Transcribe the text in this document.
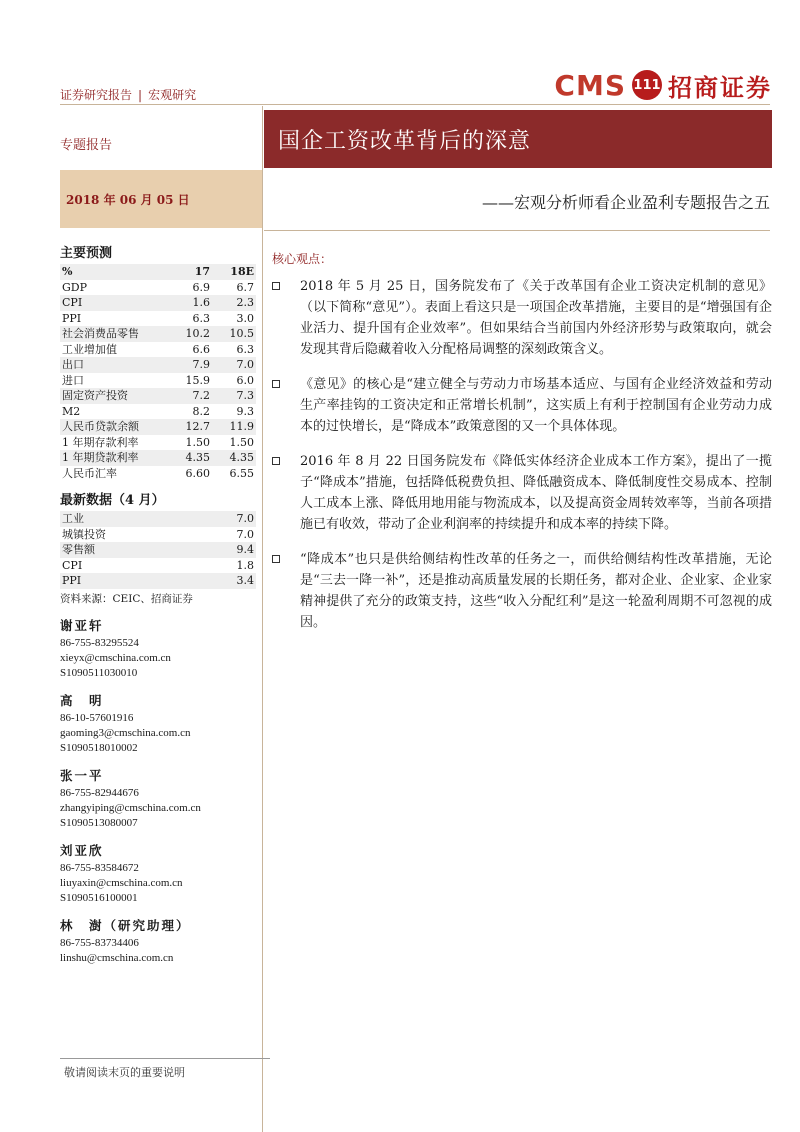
证券研究报告 | 宏观研究	CMS 111 招商证券
专题报告	国企工资改革背后的深意
2018 年 06 月 05 日	——宏观分析师看企业盈利专题报告之五
主要预测
%	17	18E
GDP	6.9	6.7
CPI	1.6	2.3
PPI	6.3	3.0
社会消费品零售	10.2	10.5
工业增加值	6.6	6.3
出口	7.9	7.0
进口	15.9	6.0
固定资产投资	7.2	7.3
M2	8.2	9.3
人民币贷款余额	12.7	11.9
1 年期存款利率	1.50	1.50
1 年期贷款利率	4.35	4.35
人民币汇率	6.60	6.55
最新数据（4 月）
工业	7.0
城镇投资	7.0
零售额	9.4
CPI	1.8
PPI	3.4
资料来源：CEIC、招商证券
谢亚轩
86-755-83295524
xieyx@cmschina.com.cn
S1090511030010
高　明
86-10-57601916
gaoming3@cmschina.com.cn
S1090518010002
张一平
86-755-82944676
zhangyiping@cmschina.com.cn
S1090513080007
刘亚欣
86-755-83584672
liuyaxin@cmschina.com.cn
S1090516100001
林　澍（研究助理）
86-755-83734406
linshu@cmschina.com.cn
核心观点：
2018 年 5 月 25 日，国务院发布了《关于改革国有企业工资决定机制的意见》（以下简称“意见”）。表面上看这只是一项国企改革措施，主要目的是“增强国有企业活力、提升国有企业效率”。但如果结合当前国内外经济形势与政策取向，就会发现其背后隐藏着收入分配格局调整的深刻政策含义。
《意见》的核心是“建立健全与劳动力市场基本适应、与国有企业经济效益和劳动生产率挂钩的工资决定和正常增长机制”，这实质上有利于控制国有企业劳动力成本的过快增长，是“降成本”政策意图的又一个具体体现。
2016 年 8 月 22 日国务院发布《降低实体经济企业成本工作方案》，提出了一揽子“降成本”措施，包括降低税费负担、降低融资成本、降低制度性交易成本、控制人工成本上涨、降低用地用能与物流成本，以及提高资金周转效率等，当前各项措施已有收效，带动了企业利润率的持续提升和成本率的持续下降。
“降成本”也只是供给侧结构性改革的任务之一，而供给侧结构性改革措施，无论是“三去一降一补”，还是推动高质量发展的长期任务，都对企业、企业家、企业家精神提供了充分的政策支持，这些“收入分配红利”是这一轮盈利周期不可忽视的成因。
敬请阅读末页的重要说明
